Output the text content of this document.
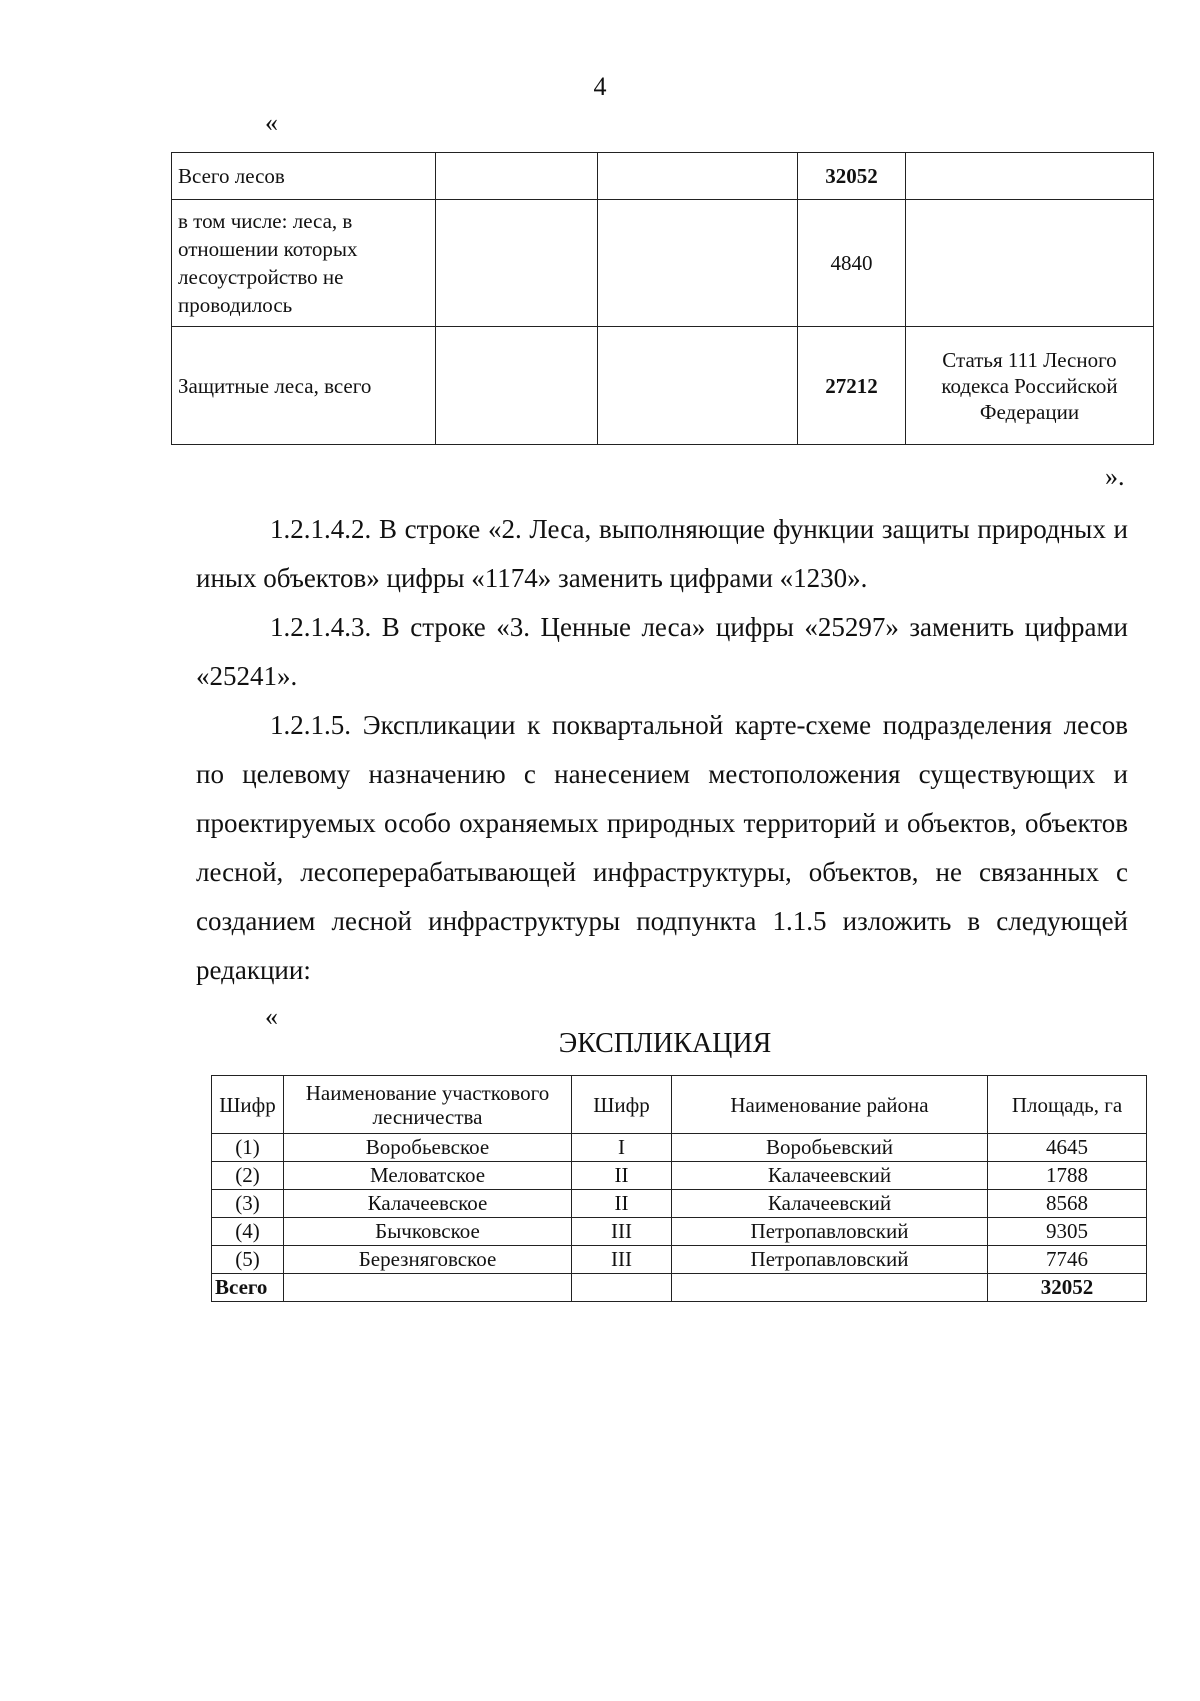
4
«
Всего лесов			32052	
в том числе: леса, в отношении которых лесоустройство не проводилось			4840	
Защитные леса, всего			27212	Статья 111 Лесного кодекса Российской Федерации
».
1.2.1.4.2. В строке «2. Леса, выполняющие функции защиты природных и иных объектов» цифры «1174» заменить цифрами «1230».
1.2.1.4.3. В строке «3. Ценные леса» цифры «25297» заменить цифрами «25241».
1.2.1.5. Экспликации к поквартальной карте-схеме подразделения лесов по целевому назначению с нанесением местоположения существующих и проектируемых особо охраняемых природных территорий и объектов, объектов лесной, лесоперерабатывающей инфраструктуры, объектов, не связанных с созданием лесной инфраструктуры подпункта 1.1.5 изложить в следующей редакции:
«
ЭКСПЛИКАЦИЯ
Шифр	Наименование участкового лесничества	Шифр	Наименование района	Площадь, га
(1)	Воробьевское	I	Воробьевский	4645
(2)	Меловатское	II	Калачеевский	1788
(3)	Калачеевское	II	Калачеевский	8568
(4)	Бычковское	III	Петропавловский	9305
(5)	Березняговское	III	Петропавловский	7746
Всего				32052
